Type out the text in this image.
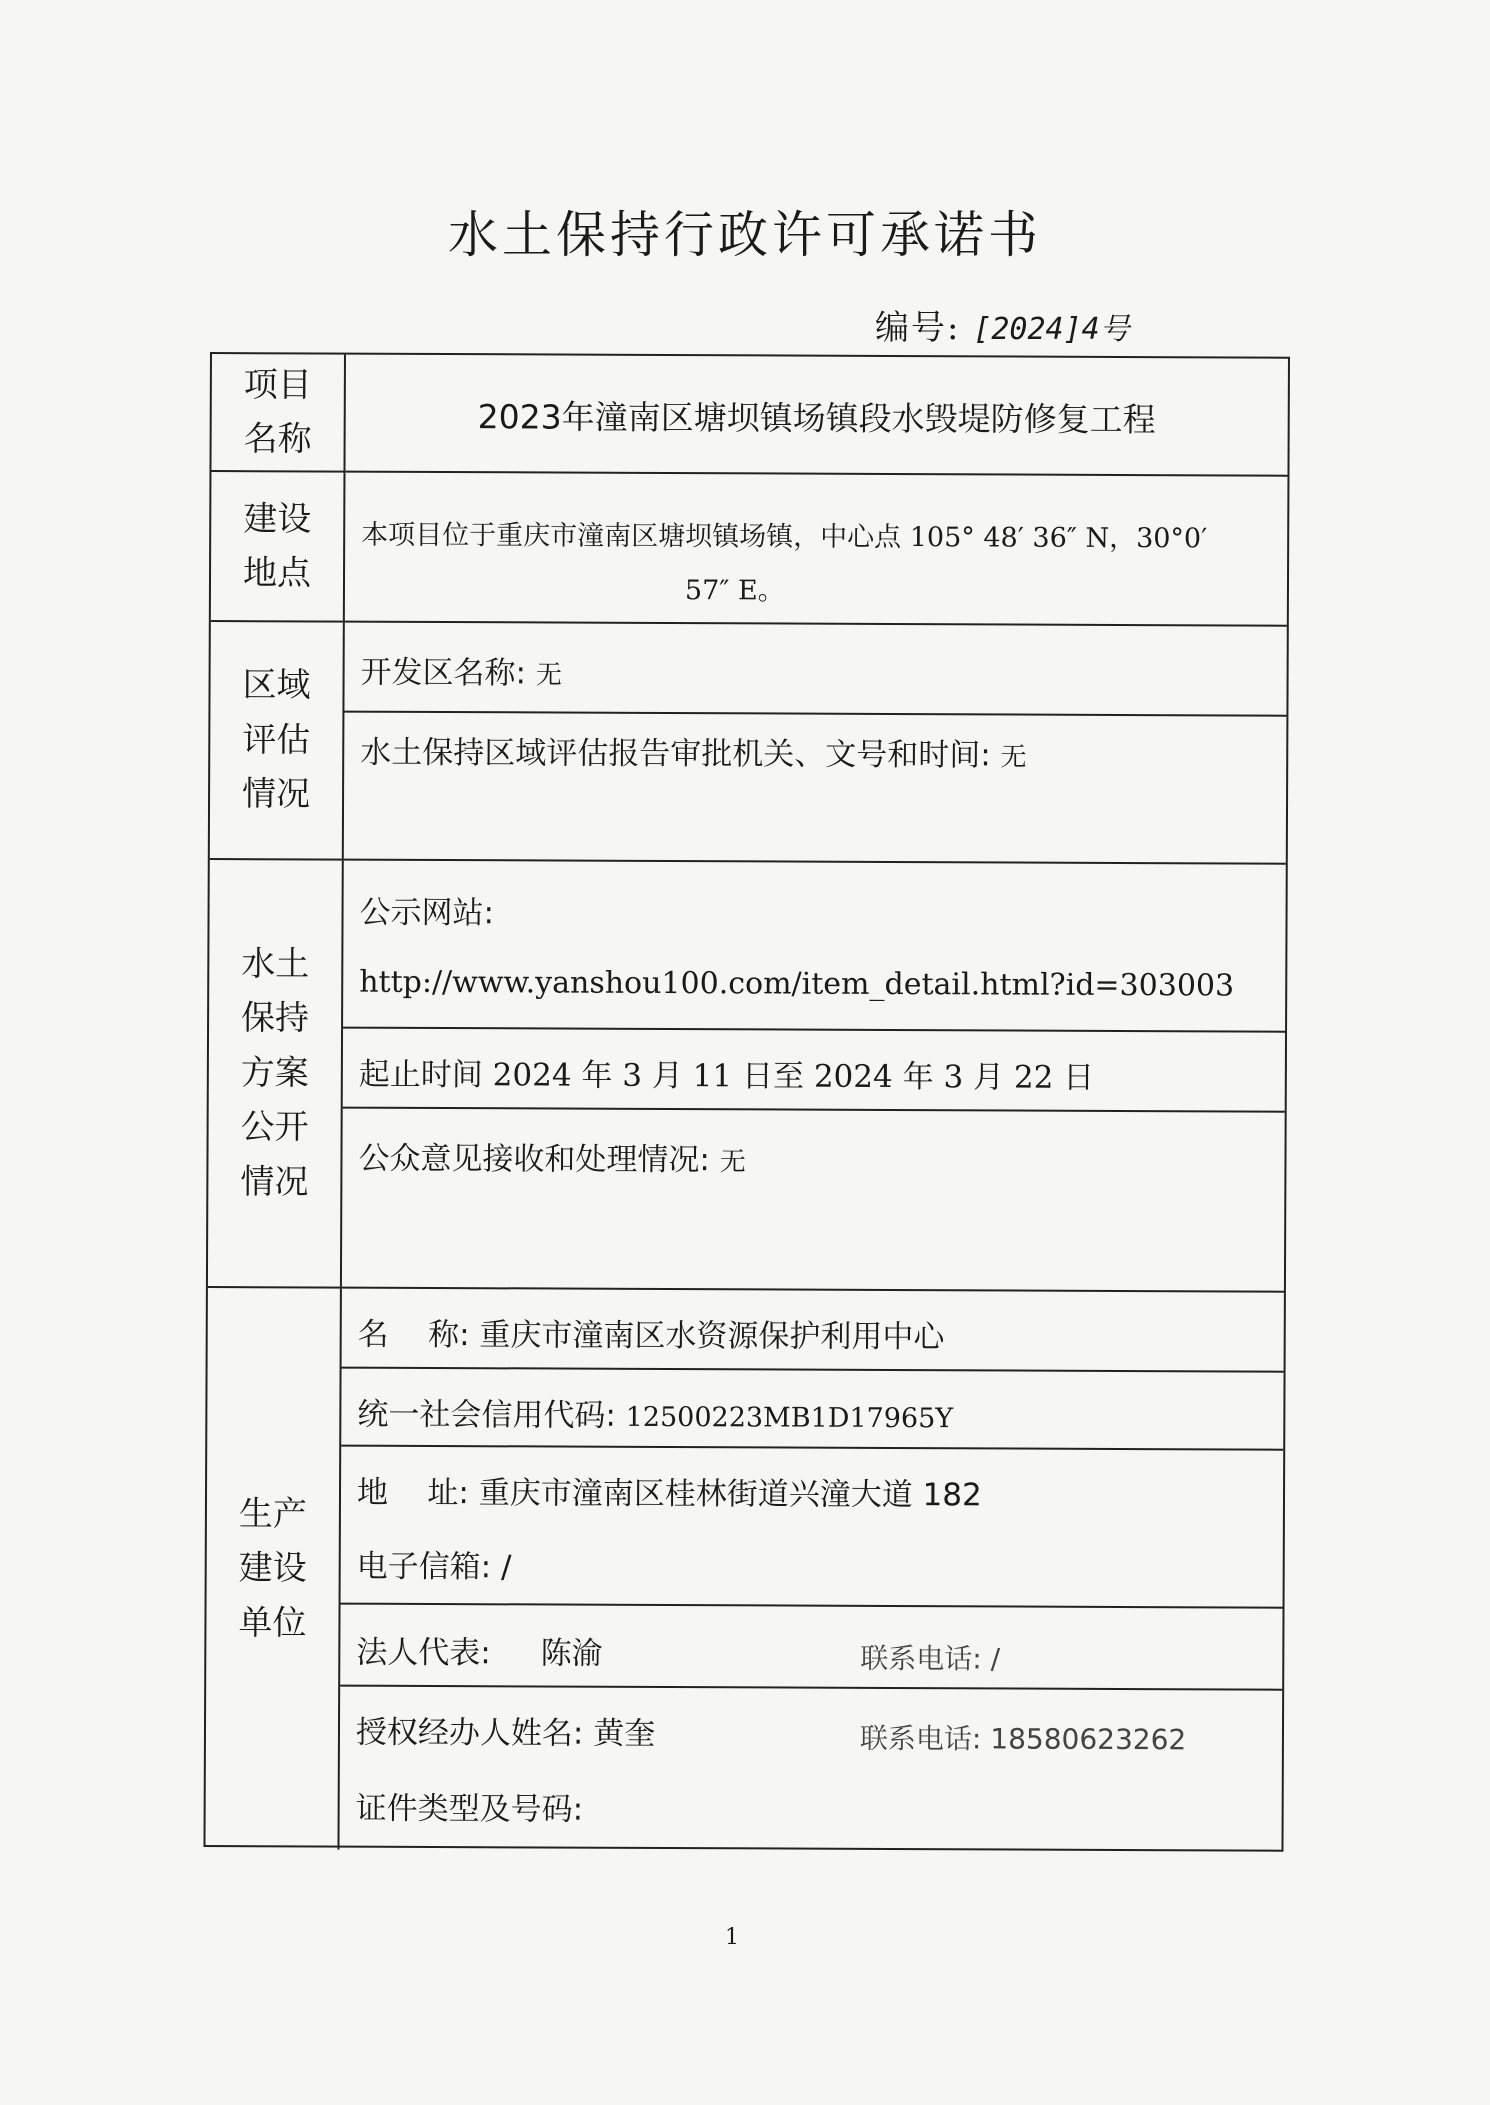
水土保持行政许可承诺书
编号: [2024]4号
项目名称
2023年潼南区塘坝镇场镇段水毁堤防修复工程
建设地点
本项目位于重庆市潼南区塘坝镇场镇，中心点 105° 48′ 36″ N，30°0′
57″ E。
区域评估情况
开发区名称: 无
水土保持区域评估报告审批机关、文号和时间: 无
水土保持方案公开情况
公示网站:
http://www.yanshou100.com/item_detail.html?id=303003
起止时间 2024 年 3 月 11 日至 2024 年 3 月 22 日
公众意见接收和处理情况: 无
生产建设单位
名    称: 重庆市潼南区水资源保护利用中心
统一社会信用代码: 12500223MB1D17965Y
地    址: 重庆市潼南区桂林街道兴潼大道 182
电子信箱: /
法人代表: 陈渝	联系电话: /
授权经办人姓名: 黄奎	联系电话: 18580623262
证件类型及号码:
1
